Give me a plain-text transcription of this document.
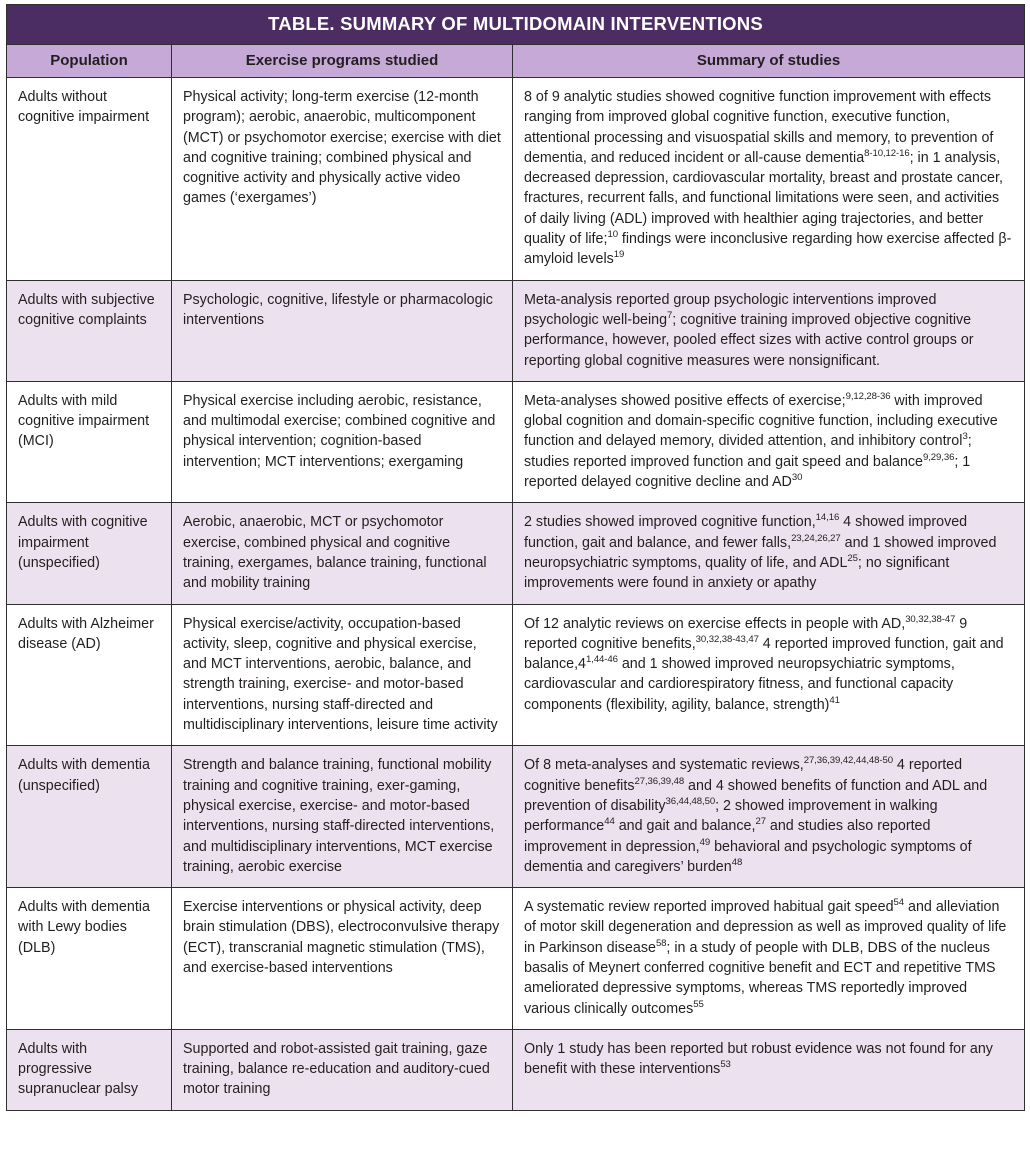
TABLE. SUMMARY OF MULTIDOMAIN INTERVENTIONS		
Population	Exercise programs studied	Summary of studies
Adults without cognitive impairment	Physical activity; long-term exercise (12-month program); aerobic, anaerobic, multicomponent (MCT) or psychomotor exercise; exercise with diet and cognitive training; combined physical and cognitive activity and physically active video games (‘exergames’)	8 of 9 analytic studies showed cognitive function improvement with effects ranging from improved global cognitive function, executive function, attentional processing and visuospatial skills and memory, to prevention of dementia, and reduced incident or all-cause dementia$^{8-10,12-16}$; in 1 analysis, decreased depression, cardiovascular mortality, breast and prostate cancer, fractures, recurrent falls, and functional limitations were seen, and activities of daily living (ADL) improved with healthier aging trajectories, and better quality of life;$^{10}$ findings were inconclusive regarding how exercise affected β-amyloid levels$^{19}$
Adults with subjective cognitive complaints	Psychologic, cognitive, lifestyle or pharmacologic interventions	Meta-analysis reported group psychologic interventions improved psychologic well-being$^7$; cognitive training improved objective cognitive performance, however, pooled effect sizes with active control groups or reporting global cognitive measures were nonsignificant.
Adults with mild cognitive impairment (MCI)	Physical exercise including aerobic, resistance, and multimodal exercise; combined cognitive and physical intervention; cognition-based intervention; MCT interventions; exergaming	Meta-analyses showed positive effects of exercise;$^{9,12,28-36}$ with improved global cognition and domain-specific cognitive function, including executive function and delayed memory, divided attention, and inhibitory control$^3$; studies reported improved function and gait speed and balance$^{9,29,36}$; 1 reported delayed cognitive decline and AD$^{30}$
Adults with cognitive impairment (unspecified)	Aerobic, anaerobic, MCT or psychomotor exercise, combined physical and cognitive training, exergames, balance training, functional and mobility training	2 studies showed improved cognitive function,$^{14,16}$ 4 showed improved function, gait and balance, and fewer falls,$^{23,24,26,27}$ and 1 showed improved neuropsychiatric symptoms, quality of life, and ADL$^{25}$; no significant improvements were found in anxiety or apathy
Adults with Alzheimer disease (AD)	Physical exercise/activity, occupation-based activity, sleep, cognitive and physical exercise, and MCT interventions, aerobic, balance, and strength training, exercise- and motor-based interventions, nursing staff-directed and multidisciplinary interventions, leisure time activity	Of 12 analytic reviews on exercise effects in people with AD,$^{30,32,38-47}$ 9 reported cognitive benefits,$^{30,32,38-43,47}$ 4 reported improved function, gait and balance,4$^{1,44-46}$ and 1 showed improved neuropsychiatric symptoms, cardiovascular and cardiorespiratory fitness, and functional capacity components (flexibility, agility, balance, strength)$^{41}$
Adults with dementia (unspecified)	Strength and balance training, functional mobility training and cognitive training, exer-gaming, physical exercise, exercise- and motor-based interventions, nursing staff-directed interventions, and multidisciplinary interventions, MCT exercise training, aerobic exercise	Of 8 meta-analyses and systematic reviews,$^{27,36,39,42,44,48-50}$ 4 reported cognitive benefits$^{27,36,39,48}$ and 4 showed benefits of function and ADL and prevention of disability$^{36,44,48,50}$; 2 showed improvement in walking performance$^{44}$ and gait and balance,$^{27}$ and studies also reported improvement in depression,$^{49}$ behavioral and psychologic symptoms of dementia and caregivers’ burden$^{48}$
Adults with dementia with Lewy bodies (DLB)	Exercise interventions or physical activity, deep brain stimulation (DBS), electroconvulsive therapy (ECT), transcranial magnetic stimulation (TMS), and exercise-based interventions	A systematic review reported improved habitual gait speed$^{54}$ and alleviation of motor skill degeneration and depression as well as improved quality of life in Parkinson disease$^{58}$; in a study of people with DLB, DBS of the nucleus basalis of Meynert conferred cognitive benefit and ECT and repetitive TMS ameliorated depressive symptoms, whereas TMS reportedly improved various clinically outcomes$^{55}$
Adults with progressive supranuclear palsy	Supported and robot-assisted gait training, gaze training, balance re-education and auditory-cued motor training	Only 1 study has been reported but robust evidence was not found for any benefit with these interventions$^{53}$
